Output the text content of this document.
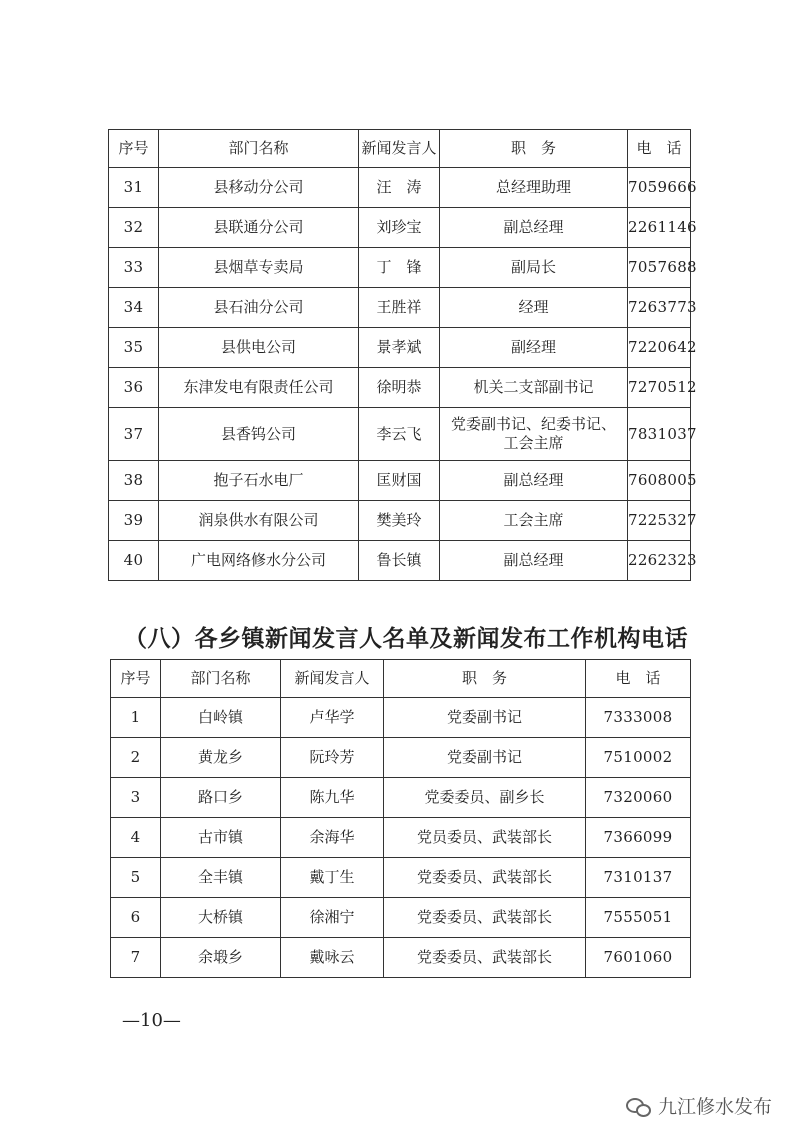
序号	部门名称	新闻发言人	职　务	电　话
31	县移动分公司	汪　涛	总经理助理	7059666
32	县联通分公司	刘珍宝	副总经理	2261146
33	县烟草专卖局	丁　锋	副局长	7057688
34	县石油分公司	王胜祥	经理	7263773
35	县供电公司	景孝斌	副经理	7220642
36	东津发电有限责任公司	徐明恭	机关二支部副书记	7270512
37	县香钨公司	李云飞	党委副书记、纪委书记、工会主席	7831037
38	抱子石水电厂	匡财国	副总经理	7608005
39	润泉供水有限公司	樊美玲	工会主席	7225327
40	广电网络修水分公司	鲁长镇	副总经理	2262323
（八）各乡镇新闻发言人名单及新闻发布工作机构电话
序号	部门名称	新闻发言人	职　务	电　话
1	白岭镇	卢华学	党委副书记	7333008
2	黄龙乡	阮玲芳	党委副书记	7510002
3	路口乡	陈九华	党委委员、副乡长	7320060
4	古市镇	余海华	党员委员、武装部长	7366099
5	全丰镇	戴丁生	党委委员、武装部长	7310137
6	大桥镇	徐湘宁	党委委员、武装部长	7555051
7	余塅乡	戴咏云	党委委员、武装部长	7601060
—10—
九江修水发布
